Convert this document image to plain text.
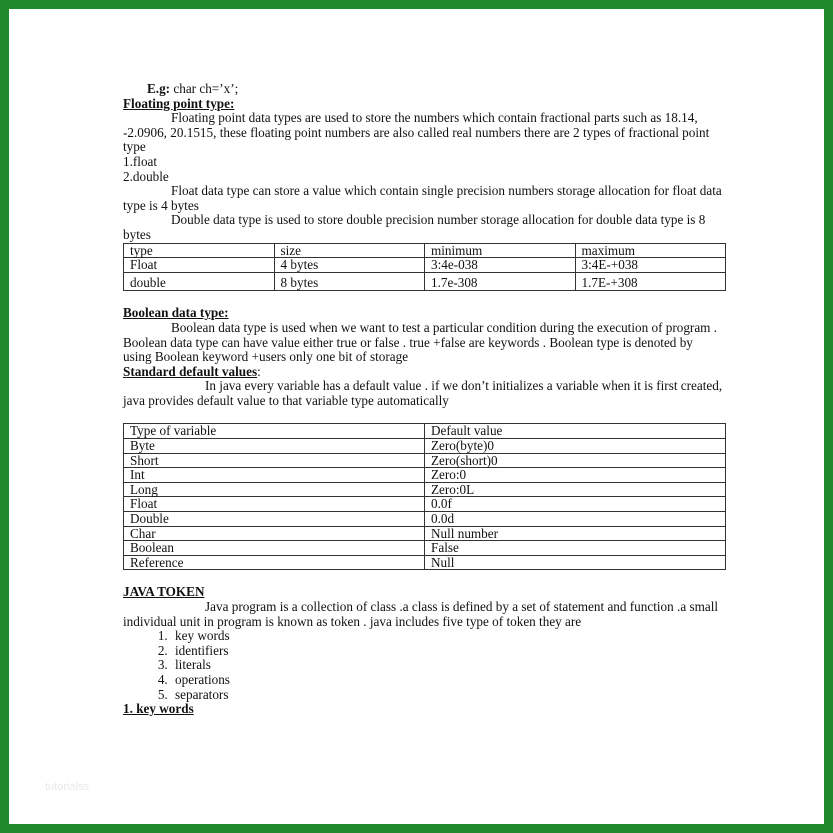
E.g: char ch=’x’;

Floating point type:

Floating point data types are used to store the numbers which contain fractional parts such as 18.14, -2.0906, 20.1515, these floating point numbers are also called real numbers there are 2 types of fractional point type

1.float

2.double

Float data type can store a value which contain single precision numbers storage allocation for float data type is 4 bytes

Double data type is used to store double precision number storage allocation for double data type is 8 bytes

type	size	minimum	maximum
Float	4 bytes	3:4e-038	3:4E-+038
double	8 bytes	1.7e-308	1.7E-+308

Boolean data type:

Boolean data type is used when we want to test a particular condition during the execution of program . Boolean data type can have value either true or false . true +false are keywords . Boolean type is denoted by using Boolean keyword +users only one bit of storage

Standard default values:

In java every variable has a default value . if we don’t initializes a variable when it is first created, java provides default value to that variable type automatically

Type of variable	Default value
Byte	Zero(byte)0
Short	Zero(short)0
Int	Zero:0
Long	Zero:0L
Float	0.0f
Double	0.0d
Char	Null number
Boolean	False
Reference	Null

JAVA TOKEN

Java program is a collection of class .a class is defined by a set of statement and function .a small individual unit in program is known as token . java includes five type of token they are

1. key words
2. identifiers
3. literals
4. operations
5. separators

1. key words

tutorialss
